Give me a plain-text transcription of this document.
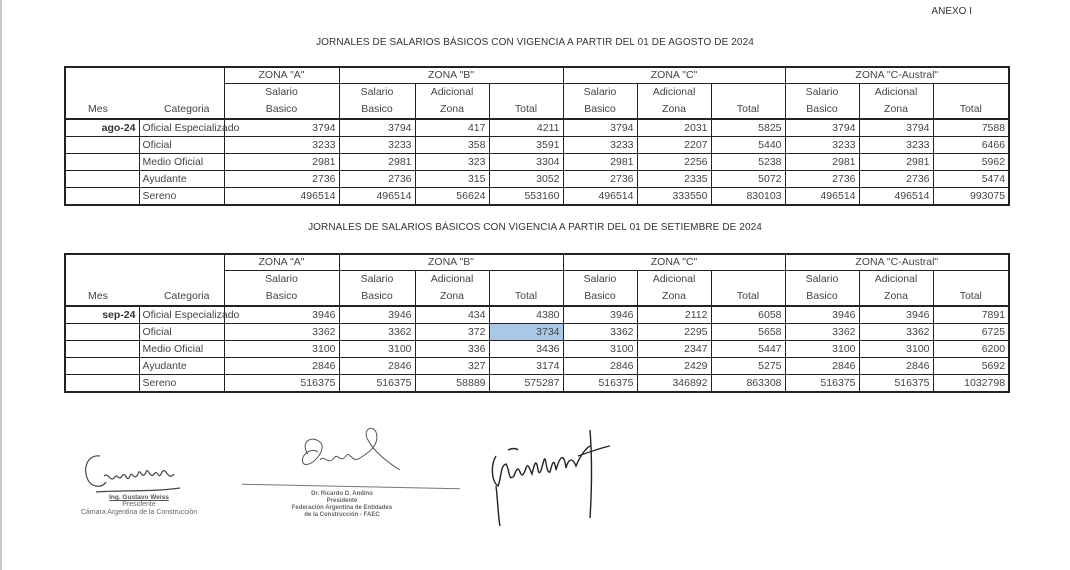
ANEXO I
JORNALES DE SALARIOS BÁSICOS CON VIGENCIA A PARTIR DEL 01 DE AGOSTO DE 2024
Mes Categoria		ZONA "A"	ZONA "B"			ZONA "C"			ZONA "C-Austral"		
		Salario	Salario	Adicional		Salario	Adicional		Salario	Adicional	
		Basico	Basico	Zona	Total	Basico	Zona	Total	Basico	Zona	Total
ago-24	Oficial Especializado	3794	3794	417	4211	3794	2031	5825	3794	3794	7588
	Oficial	3233	3233	358	3591	3233	2207	5440	3233	3233	6466
	Medio Oficial	2981	2981	323	3304	2981	2256	5238	2981	2981	5962
	Ayudante	2736	2736	315	3052	2736	2335	5072	2736	2736	5474
	Sereno	496514	496514	56624	553160	496514	333550	830103	496514	496514	993075
JORNALES DE SALARIOS BÁSICOS CON VIGENCIA A PARTIR DEL 01 DE SETIEMBRE DE 2024
Mes Categoria		ZONA "A"	ZONA "B"			ZONA "C"			ZONA "C-Austral"		
		Salario	Salario	Adicional		Salario	Adicional		Salario	Adicional	
		Basico	Basico	Zona	Total	Basico	Zona	Total	Basico	Zona	Total
sep-24	Oficial Especializado	3946	3946	434	4380	3946	2112	6058	3946	3946	7891
	Oficial	3362	3362	372	3734	3362	2295	5658	3362	3362	6725
	Medio Oficial	3100	3100	336	3436	3100	2347	5447	3100	3100	6200
	Ayudante	2846	2846	327	3174	2846	2429	5275	2846	2846	5692
	Sereno	516375	516375	58889	575287	516375	346892	863308	516375	516375	1032798
Ing. Gustavo Weiss
Presidente
Cámara Argentina de la Construcción
Dr. Ricardo D. Andino
Presidente
Federación Argentina de Entidades
de la Construcción - FAEC
